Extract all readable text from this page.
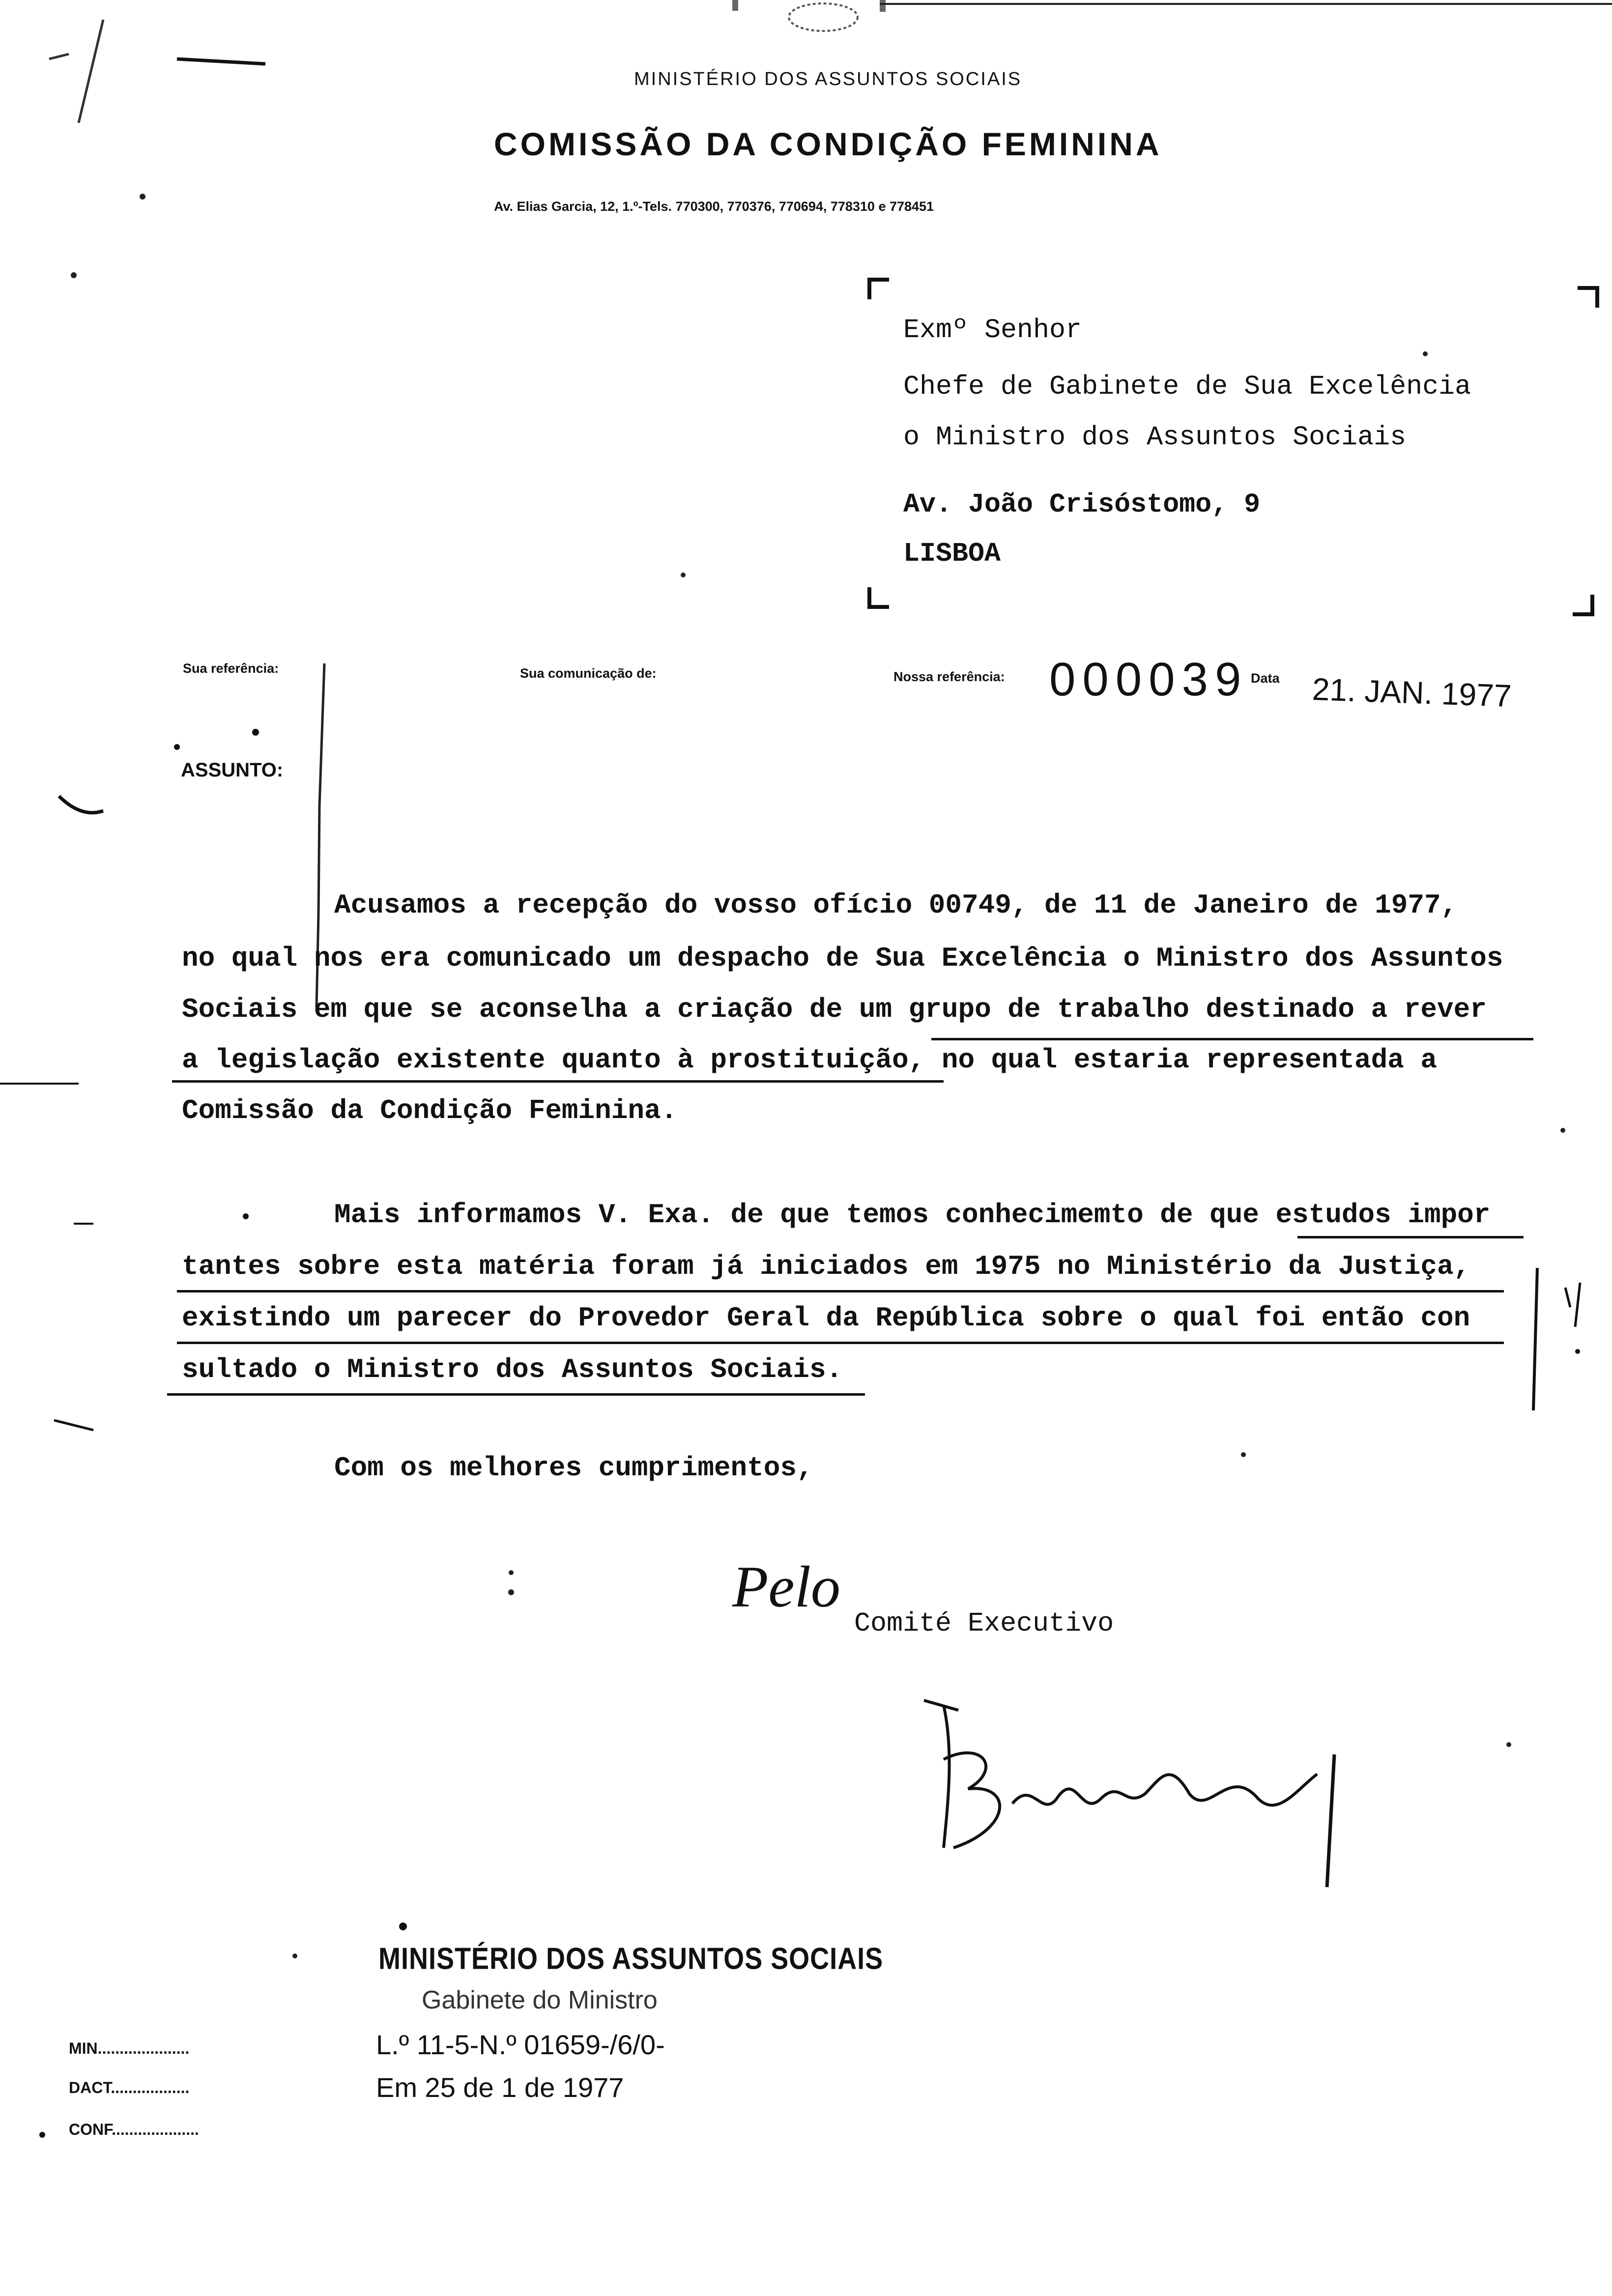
MINISTÉRIO DOS ASSUNTOS SOCIAIS
COMISSÃO DA CONDIÇÃO FEMININA
Av. Elias Garcia, 12, 1.º-Tels. 770300, 770376, 770694, 778310 e 778451
Exmº Senhor
Chefe de Gabinete de Sua Excelência
o Ministro dos Assuntos Sociais
Av. João Crisóstomo, 9
LISBOA
Sua referência:	Sua comunicação de:	Nossa referência: 000039 Data 21. JAN. 1977
ASSUNTO:
Acusamos a recepção do vosso ofício 00749, de 11 de Janeiro de 1977,
no qual nos era comunicado um despacho de Sua Excelência o Ministro dos Assuntos
Sociais em que se aconselha a criação de um grupo de trabalho destinado a rever
a legislação existente quanto à prostituição, no qual estaria representada a
Comissão da Condição Feminina.
Mais informamos V. Exa. de que temos conhecimemto de que estudos impor
tantes sobre esta matéria foram já iniciados em 1975 no Ministério da Justiça,
existindo um parecer do Provedor Geral da República sobre o qual foi então con
sultado o Ministro dos Assuntos Sociais.
Com os melhores cumprimentos,
Pelo
Comité Executivo
MINISTÉRIO DOS ASSUNTOS SOCIAIS
Gabinete do Ministro
L.º 11-5-N.º 01659-/6/0-
Em 25 de 1 de 1977
MIN.....................
DACT..................
CONF....................
